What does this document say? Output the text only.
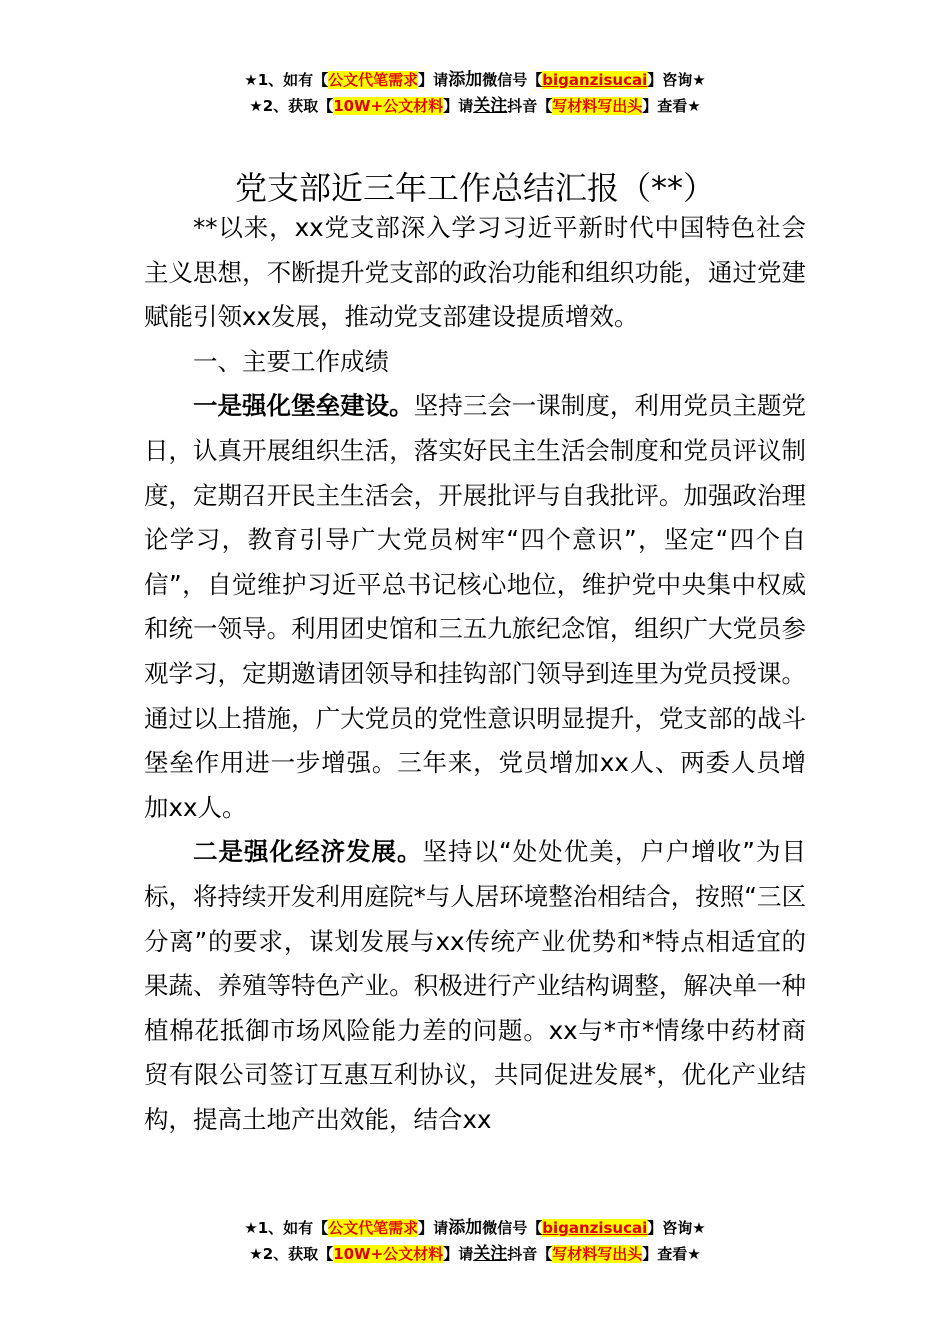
★1、如有【公文代笔需求】请添加微信号【biganzisucai】咨询★
★2、获取【10W+公文材料】请关注抖音【写材料写出头】查看★
党支部近三年工作总结汇报（**）

**以来，xx党支部深入学习习近平新时代中国特色社会主义思想，不断提升党支部的政治功能和组织功能，通过党建赋能引领xx发展，推动党支部建设提质增效。

一、主要工作成绩

一是强化堡垒建设。坚持三会一课制度，利用党员主题党日，认真开展组织生活，落实好民主生活会制度和党员评议制度，定期召开民主生活会，开展批评与自我批评。加强政治理论学习，教育引导广大党员树牢“四个意识”，坚定“四个自信”，自觉维护习近平总书记核心地位，维护党中央集中权威和统一领导。利用团史馆和三五九旅纪念馆，组织广大党员参观学习，定期邀请团领导和挂钩部门领导到连里为党员授课。通过以上措施，广大党员的党性意识明显提升，党支部的战斗堡垒作用进一步增强。三年来，党员增加xx人、两委人员增加xx人。

二是强化经济发展。坚持以“处处优美，户户增收”为目标，将持续开发利用庭院*与人居环境整治相结合，按照“三区分离”的要求，谋划发展与xx传统产业优势和*特点相适宜的果蔬、养殖等特色产业。积极进行产业结构调整，解决单一种植棉花抵御市场风险能力差的问题。xx与*市*情缘中药材商贸有限公司签订互惠互利协议，共同促进发展*，优化产业结构，提高土地产出效能，结合xx

★1、如有【公文代笔需求】请添加微信号【biganzisucai】咨询★
★2、获取【10W+公文材料】请关注抖音【写材料写出头】查看★
